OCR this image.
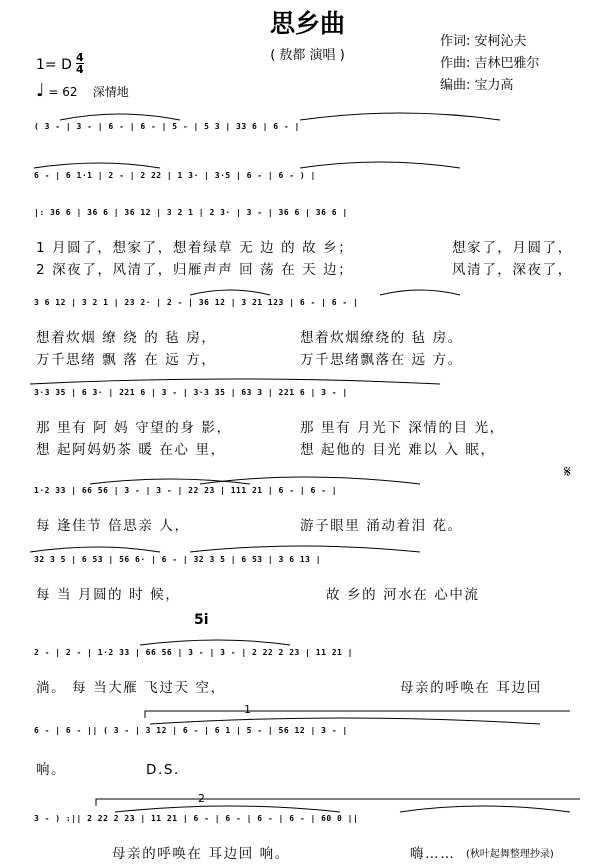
思乡曲
( 敖都 演唱 )
作词: 安柯沁夫
作曲: 吉林巴雅尔
编曲: 宝力高
1= D 4
4
♩ = 62 深情地
( 3 - | 3 - | 6 - | 6 - | 5 - | 5 3 | 33 6 | 6 - |
6 - | 6 1·1 | 2 - | 2 22 | 1 3· | 3·5 | 6 - | 6 - ) |
|: 36 6 | 36 6 | 36 12 | 3 2 1 | 2 3· | 3 - | 36 6 | 36 6 |
1 月圆了，想家了，想着绿草 无 边 的 故 乡；	想家了，月圆了，
2 深夜了，风清了，归雁声声 回 荡 在 天 边；	风清了，深夜了，
3 6 12 | 3 2 1 | 23 2· | 2 - | 36 12 | 3 21 123 | 6 - | 6 - |
想着炊烟 缭 绕 的 毡 房，	想着炊烟缭绕的 毡 房。
万千思绪 飘 落 在 远 方，	万千思绪飘落在 远 方。
3·3 35 | 6 3· | 221 6 | 3 - | 3·3 35 | 63 3 | 221 6 | 3 - |
那 里有 阿 妈 守望的身 影，	那 里有 月光下 深情的目 光，
想 起阿妈奶茶 暖 在心 里，	想 起他的 目光 难以 入 眠，
𝄋
1·2 33 | 66 56 | 3 - | 3 - | 22 23 | 111 21 | 6 - | 6 - |
每 逢佳节 倍思亲 人，	游子眼里 涌动着泪 花。
32 3 5 | 6 53 | 56 6· | 6 - | 32 3 5 | 6 53 | 3 6 13 |
每 当 月圆的 时 候，	故 乡的 河水在 心中流
5i
2 - | 2 - | 1·2 33 | 66 56 | 3 - | 3 - | 2 22 2 23 | 11 21 |
淌。 每 当大雁 飞过天 空，	母亲的呼唤在 耳边回
1
6 - | 6 - || ( 3 - | 3 12 | 6 - | 6 1 | 5 - | 56 12 | 3 - |
响。	D.S.
2
3 - ) :|| 2 22 2 23 | 11 21 | 6 - | 6 - | 6 - | 6 - | 60 0 ||
母亲的呼唤在 耳边回 响。	嗨…… (秋叶起舞整理抄录)
